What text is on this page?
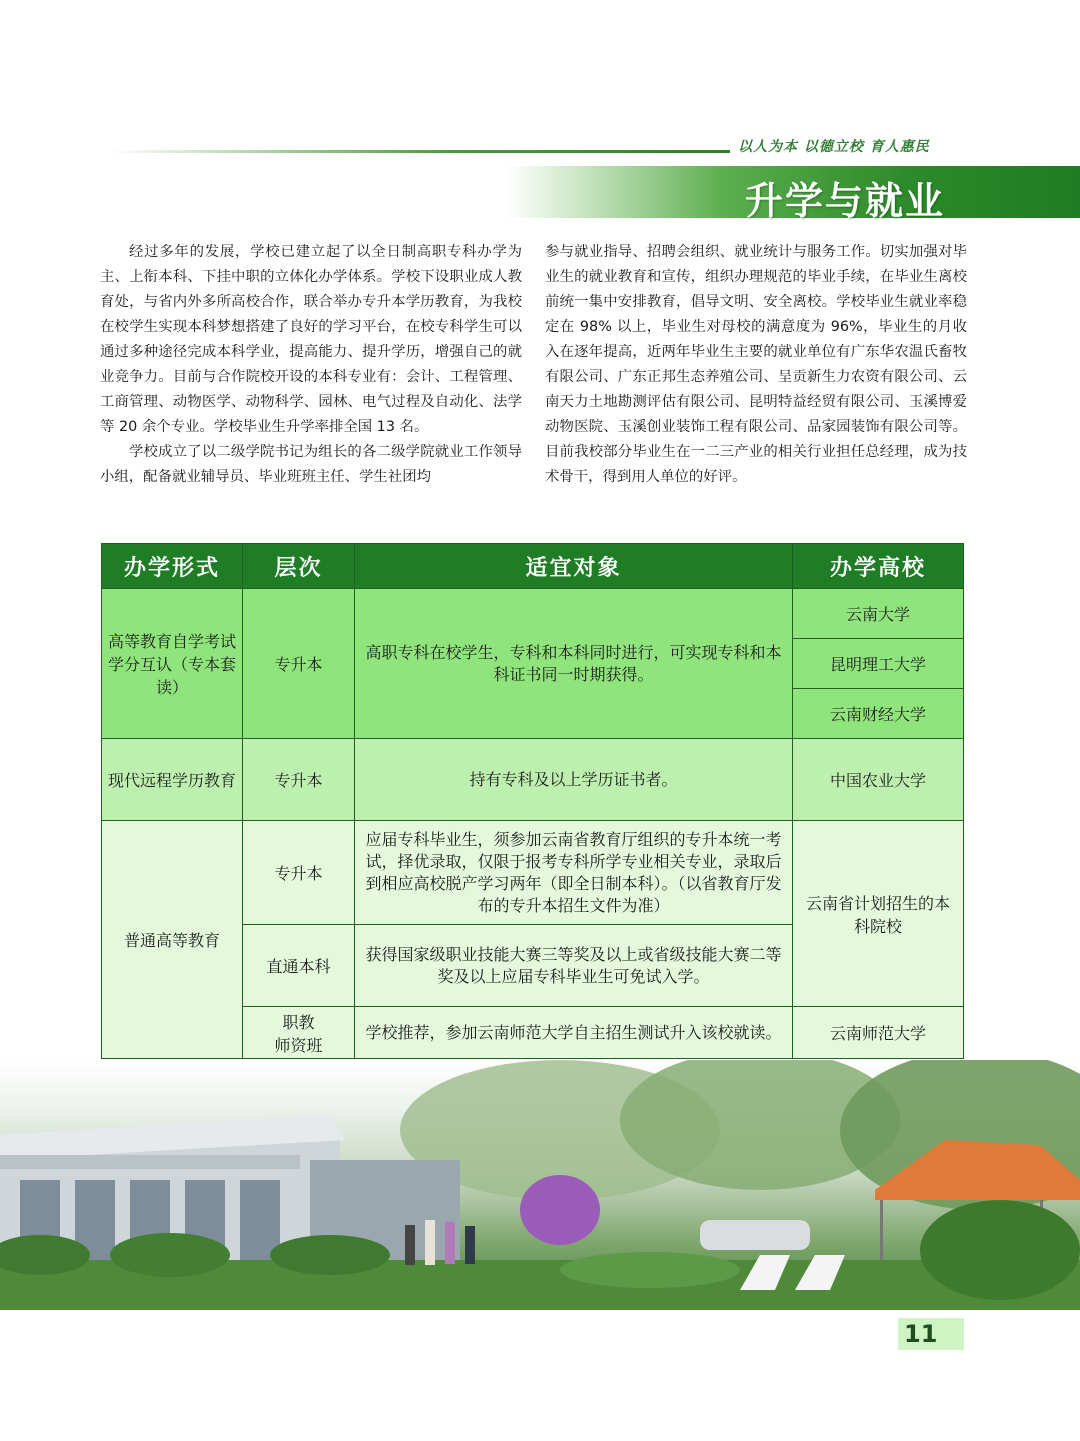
以人为本 以德立校 育人惠民
升学与就业

经过多年的发展，学校已建立起了以全日制高职专科办学为主、上衔本科、下挂中职的立体化办学体系。学校下设职业成人教育处，与省内外多所高校合作，联合举办专升本学历教育，为我校在校学生实现本科梦想搭建了良好的学习平台，在校专科学生可以通过多种途径完成本科学业，提高能力、提升学历，增强自己的就业竞争力。目前与合作院校开设的本科专业有：会计、工程管理、工商管理、动物医学、动物科学、园林、电气过程及自动化、法学等 20 余个专业。学校毕业生升学率排全国 13 名。

学校成立了以二级学院书记为组长的各二级学院就业工作领导小组，配备就业辅导员、毕业班班主任、学生社团均

参与就业指导、招聘会组织、就业统计与服务工作。切实加强对毕业生的就业教育和宣传，组织办理规范的毕业手续，在毕业生离校前统一集中安排教育，倡导文明、安全离校。学校毕业生就业率稳定在 98% 以上，毕业生对母校的满意度为 96%，毕业生的月收入在逐年提高，近两年毕业生主要的就业单位有广东华农温氏畜牧有限公司、广东正邦生态养殖公司、呈贡新生力农资有限公司、云南天力土地勘测评估有限公司、昆明特益经贸有限公司、玉溪博爱动物医院、玉溪创业装饰工程有限公司、品家园装饰有限公司等。目前我校部分毕业生在一二三产业的相关行业担任总经理，成为技术骨干，得到用人单位的好评。

办学形式	层次	适宜对象	办学高校
高等教育自学考试学分互认（专本套读）	专升本	高职专科在校学生，专科和本科同时进行，可实现专科和本科证书同一时期获得。	云南大学
			昆明理工大学
			云南财经大学
现代远程学历教育	专升本	持有专科及以上学历证书者。	中国农业大学
普通高等教育	专升本	应届专科毕业生，须参加云南省教育厅组织的专升本统一考试，择优录取，仅限于报考专科所学专业相关专业，录取后到相应高校脱产学习两年（即全日制本科）。（以省教育厅发布的专升本招生文件为准）	云南省计划招生的本科院校
	直通本科	获得国家级职业技能大赛三等奖及以上或省级技能大赛二等奖及以上应届专科毕业生可免试入学。	
	职教
师资班	学校推荐，参加云南师范大学自主招生测试升入该校就读。	云南师范大学
11
